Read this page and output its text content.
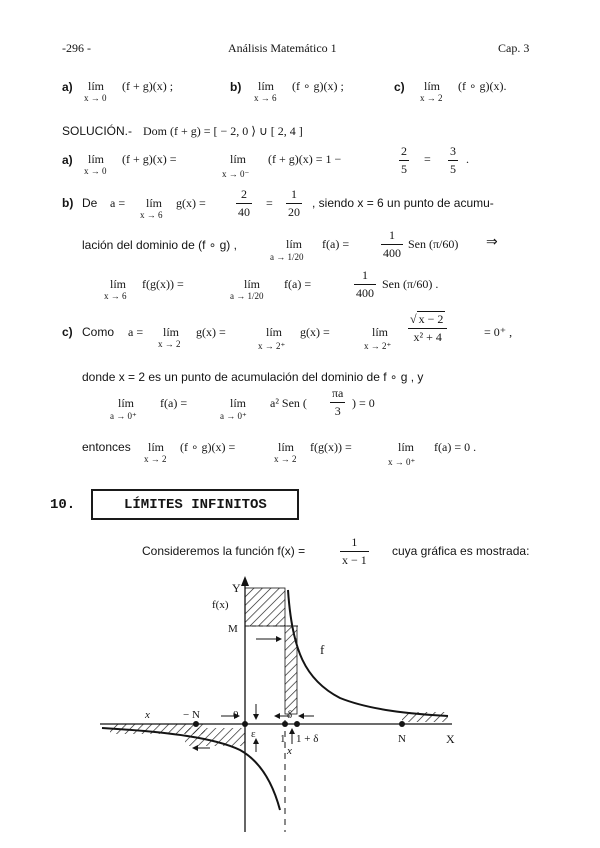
-296 -	Análisis Matemático 1	Cap. 3
a) lím
x → 0
(f + g)(x) ;	b) lím
x → 6
(f ∘ g)(x) ;	c) lím
x → 2
(f ∘ g)(x).
SOLUCIÓN.- Dom (f + g) = [ − 2, 0 ⟩ ∪ [ 2, 4 ]
a) lím
x → 0
(f + g)(x) =	lím
x → 0⁻
(f + g)(x) = 1 −	$\frac{2}{5} = \frac{3}{5}$ .
b) De a = lím
x → 6
g(x) =	$\frac{2}{40} = \frac{1}{20}$ , siendo x = 6 un punto de acumu-
lación del dominio de (f ∘ g) ,	lím
a → 1/20
f(a) =	$\frac{1}{400}$ Sen (π/60) ⇒
lím
x → 6
f(g(x)) =	lím
a → 1/20
f(a) =	$\frac{1}{400}$ Sen (π/60) .
c) Como a = lím
x → 2
g(x) =	lím
x → 2⁺
g(x) =	lím
x → 2⁺
$\frac{√ x - 2}{\text{x² + 4}}$	= 0⁺ ,
donde x = 2 es un punto de acumulación del dominio de f ∘ g , y
lím
a → 0⁺
f(a) =	lím
a → 0⁺
a² Sen ( $\frac{\pi a}{3}$ ) = 0
entonces lím
x → 2
(f ∘ g)(x) =	lím
x → 2
f(g(x)) =	lím
x → 0⁺
f(a) = 0 .
10.	LÍMITES INFINITOS
Consideremos la función f(x) =	$\frac{1}{x - 1}$ cuya gráfica es mostrada:
Y
f(x)
M
f
x	− N	0	δ
ε 1 1 + δ
x
N	X
